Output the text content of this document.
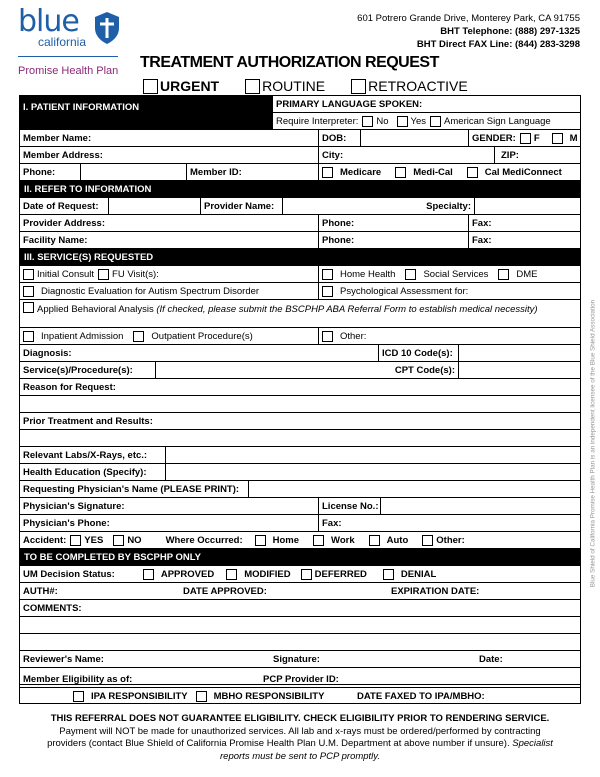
blue
california
Promise Health Plan
601 Potrero Grande Drive, Monterey Park, CA 91755
BHT Telephone: (888) 297-1325
BHT Direct FAX Line: (844) 283-3298
TREATMENT AUTHORIZATION REQUEST
URGENT	ROUTINE	RETROACTIVE
I. PATIENT INFORMATION	PRIMARY LANGUAGE SPOKEN:
Require Interpreter: No Yes American Sign Language
Member Name:	DOB:	GENDER: F	M
Member Address:	City:	ZIP:
Phone:	Member ID:	Medicare	Medi-Cal	Cal MediConnect
II. REFER TO INFORMATION
Date of Request:	Provider Name:	Specialty:
Provider Address:	Phone:	Fax:
Facility Name:	Phone:	Fax:
III. SERVICE(S) REQUESTED
Initial Consult FU Visit(s):	Home Health	Social Services	DME
Diagnostic Evaluation for Autism Spectrum Disorder	Psychological Assessment for:
Applied Behavioral Analysis (If checked, please submit the BSCPHP ABA Referral Form to establish medical necessity)
Inpatient Admission	Outpatient Procedure(s)	Other:
Diagnosis:	ICD 10 Code(s):
Service(s)/Procedure(s):	CPT Code(s):
Reason for Request:
Prior Treatment and Results:
Relevant Labs/X-Rays, etc.:
Health Education (Specify):
Requesting Physician's Name (PLEASE PRINT):
Physician's Signature:	License No.:
Physician's Phone:	Fax:
Accident: YES	NO	Where Occurred:	Home	Work	Auto	Other:
TO BE COMPLETED BY BSCPHP ONLY
UM Decision Status:	APPROVED	MODIFIED	DEFERRED	DENIAL
AUTH#:	DATE APPROVED:	EXPIRATION DATE:
COMMENTS:
Reviewer's Name:	Signature:	Date:
Member Eligibility as of:	PCP Provider ID:
IPA RESPONSIBILITY	MBHO RESPONSIBILITY	DATE FAXED TO IPA/MBHO:
Blue Shield of California Promise Health Plan is an independent licensee of the Blue Shield Association
THIS REFERRAL DOES NOT GUARANTEE ELIGIBILITY. CHECK ELIGIBILITY PRIOR TO RENDERING SERVICE.
Payment will NOT be made for unauthorized services. All lab and x-rays must be ordered/performed by contracting providers (contact Blue Shield of California Promise Health Plan U.M. Department at above number if unsure). Specialist reports must be sent to PCP promptly.
